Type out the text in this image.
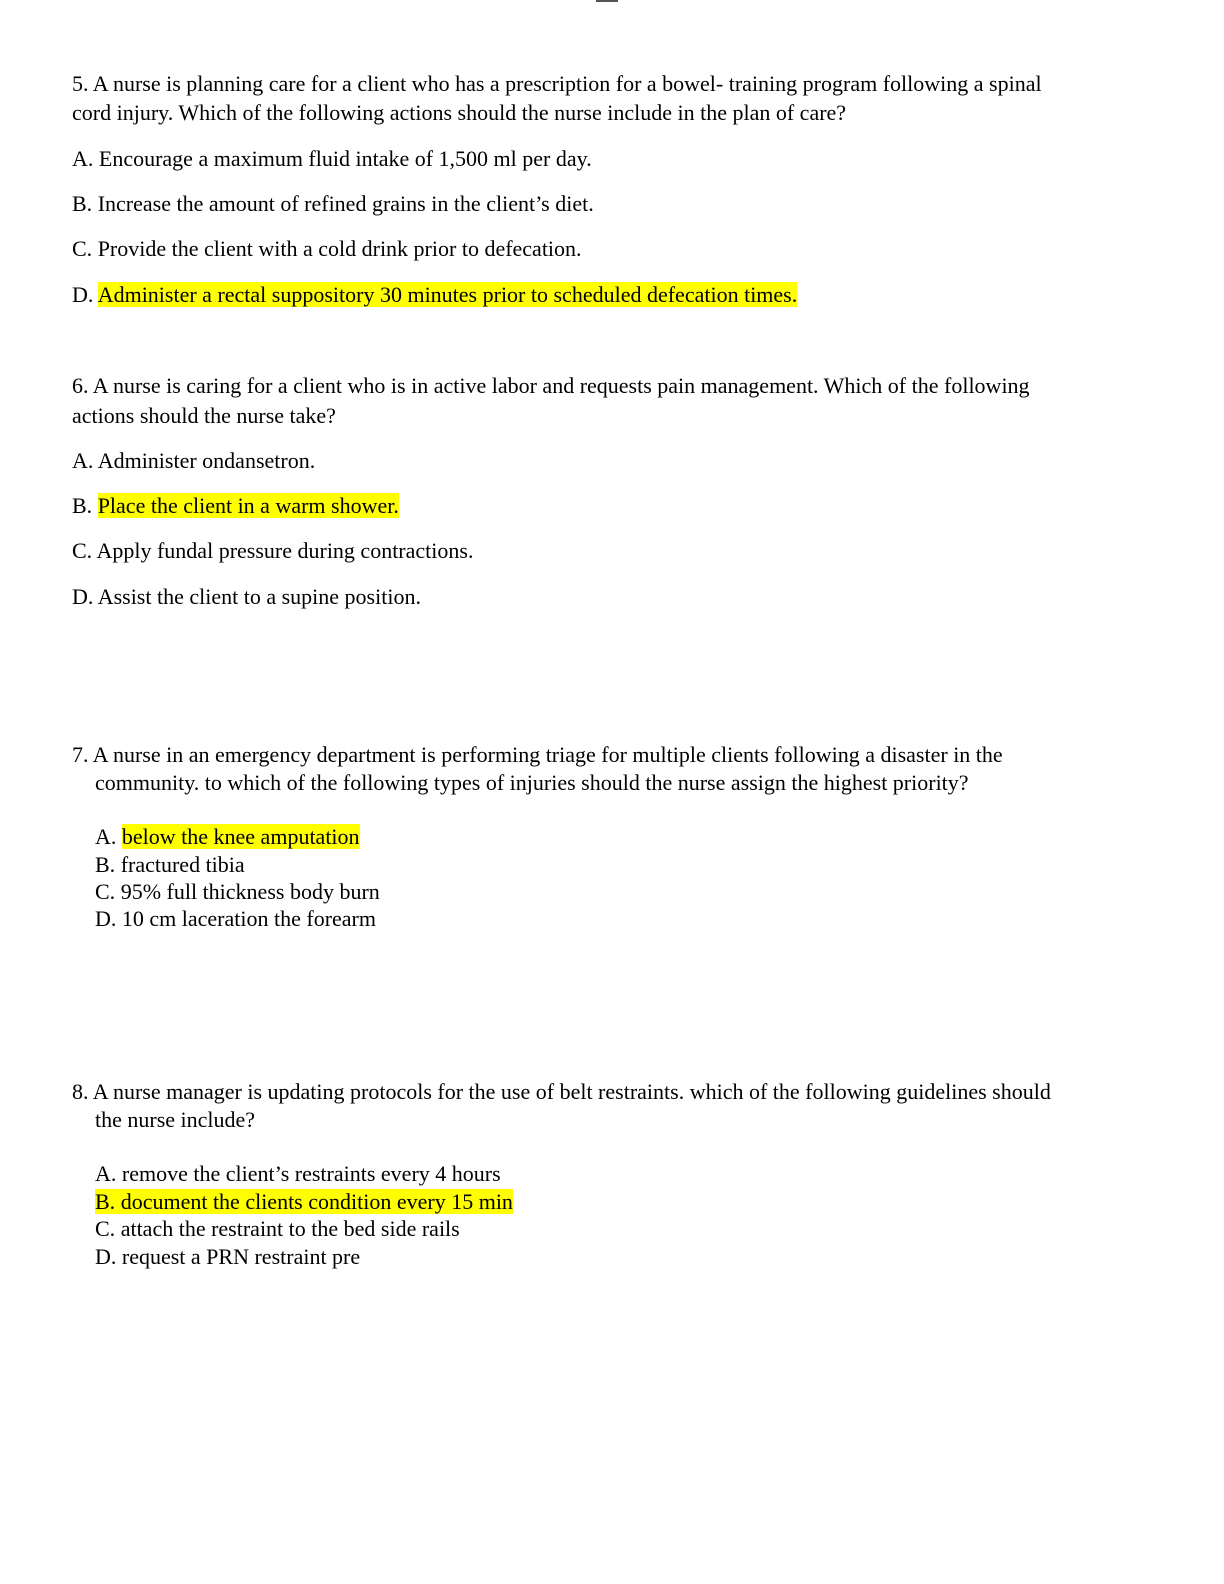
5. A nurse is planning care for a client who has a prescription for a bowel- training program following a spinal
cord injury. Which of the following actions should the nurse include in the plan of care?
A. Encourage a maximum fluid intake of 1,500 ml per day.
B. Increase the amount of refined grains in the client’s diet.
C. Provide the client with a cold drink prior to defecation.
D. Administer a rectal suppository 30 minutes prior to scheduled defecation times.
6. A nurse is caring for a client who is in active labor and requests pain management. Which of the following
actions should the nurse take?
A. Administer ondansetron.
B. Place the client in a warm shower.
C. Apply fundal pressure during contractions.
D. Assist the client to a supine position.
7. A nurse in an emergency department is performing triage for multiple clients following a disaster in the
community. to which of the following types of injuries should the nurse assign the highest priority?
A. below the knee amputation
B. fractured tibia
C. 95% full thickness body burn
D. 10 cm laceration the forearm
8. A nurse manager is updating protocols for the use of belt restraints. which of the following guidelines should
the nurse include?
A. remove the client’s restraints every 4 hours
B. document the clients condition every 15 min
C. attach the restraint to the bed side rails
D. request a PRN restraint pre
